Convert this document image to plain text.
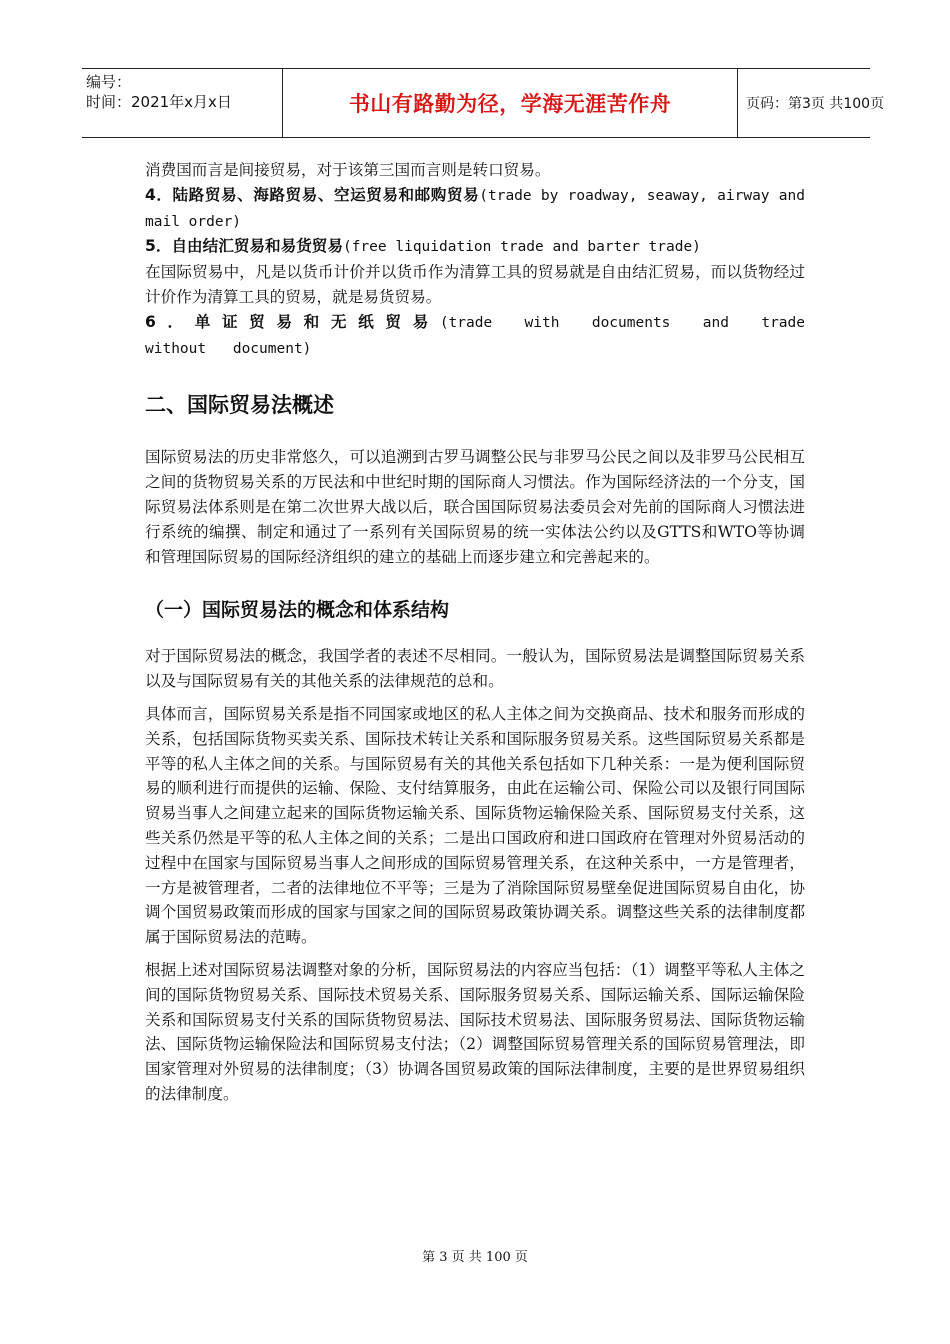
编号：
时间：2021年x月x日	书山有路勤为径，学海无涯苦作舟	页码：第3页 共100页

消费国而言是间接贸易，对于该第三国而言则是转口贸易。

4．陆路贸易、海路贸易、空运贸易和邮购贸易(trade by roadway, seaway, airway and mail order)

5．自由结汇贸易和易货贸易(free liquidation trade and barter trade)

在国际贸易中，凡是以货币计价并以货币作为清算工具的贸易就是自由结汇贸易，而以货物经过计价作为清算工具的贸易，就是易货贸易。

6．单证贸易和无纸贸易(trade with documents and trade without document)

二、国际贸易法概述

国际贸易法的历史非常悠久，可以追溯到古罗马调整公民与非罗马公民之间以及非罗马公民相互之间的货物贸易关系的万民法和中世纪时期的国际商人习惯法。作为国际经济法的一个分支，国际贸易法体系则是在第二次世界大战以后，联合国国际贸易法委员会对先前的国际商人习惯法进行系统的编撰、制定和通过了一系列有关国际贸易的统一实体法公约以及GTTS和WTO等协调和管理国际贸易的国际经济组织的建立的基础上而逐步建立和完善起来的。

（一）国际贸易法的概念和体系结构

对于国际贸易法的概念，我国学者的表述不尽相同。一般认为，国际贸易法是调整国际贸易关系以及与国际贸易有关的其他关系的法律规范的总和。

具体而言，国际贸易关系是指不同国家或地区的私人主体之间为交换商品、技术和服务而形成的关系，包括国际货物买卖关系、国际技术转让关系和国际服务贸易关系。这些国际贸易关系都是平等的私人主体之间的关系。与国际贸易有关的其他关系包括如下几种关系：一是为便利国际贸易的顺利进行而提供的运输、保险、支付结算服务，由此在运输公司、保险公司以及银行同国际贸易当事人之间建立起来的国际货物运输关系、国际货物运输保险关系、国际贸易支付关系，这些关系仍然是平等的私人主体之间的关系；二是出口国政府和进口国政府在管理对外贸易活动的过程中在国家与国际贸易当事人之间形成的国际贸易管理关系，在这种关系中，一方是管理者，一方是被管理者，二者的法律地位不平等；三是为了消除国际贸易壁垒促进国际贸易自由化，协调个国贸易政策而形成的国家与国家之间的国际贸易政策协调关系。调整这些关系的法律制度都属于国际贸易法的范畴。

根据上述对国际贸易法调整对象的分析，国际贸易法的内容应当包括：（1）调整平等私人主体之间的国际货物贸易关系、国际技术贸易关系、国际服务贸易关系、国际运输关系、国际运输保险关系和国际贸易支付关系的国际货物贸易法、国际技术贸易法、国际服务贸易法、国际货物运输法、国际货物运输保险法和国际贸易支付法；（2）调整国际贸易管理关系的国际贸易管理法，即国家管理对外贸易的法律制度；（3）协调各国贸易政策的国际法律制度，主要的是世界贸易组织的法律制度。

第 3 页 共 100 页
